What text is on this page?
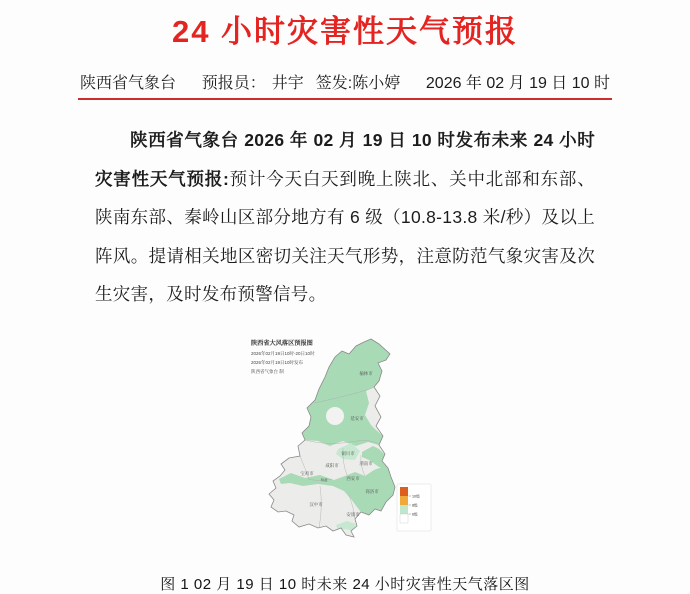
24 小时灾害性天气预报
陕西省气象台 预报员： 井宇 签发: 陈小婷 2026 年 02 月 19 日 10 时

陕西省气象台 2026 年 02 月 19 日 10 时发布未来 24 小时灾害性天气预报:预计今天白天到晚上陕北、关中北部和东部、陕南东部、秦岭山区部分地方有 6 级（10.8-13.8 米/秒）及以上阵风。提请相关地区密切关注天气形势，注意防范气象灾害及次生灾害，及时发布预警信号。

陕西省大风落区预报图
2026年02月19日10时-20日10时
2026年02月19日10时发布
陕西省气象台 制	榆林市
延安市
铜川市
咸阳市	渭南市
宝鸡市
杨凌	西安市
商洛市
汉中市
安康市
10级
8级
6级
图 1 02 月 19 日 10 时未来 24 小时灾害性天气落区图
